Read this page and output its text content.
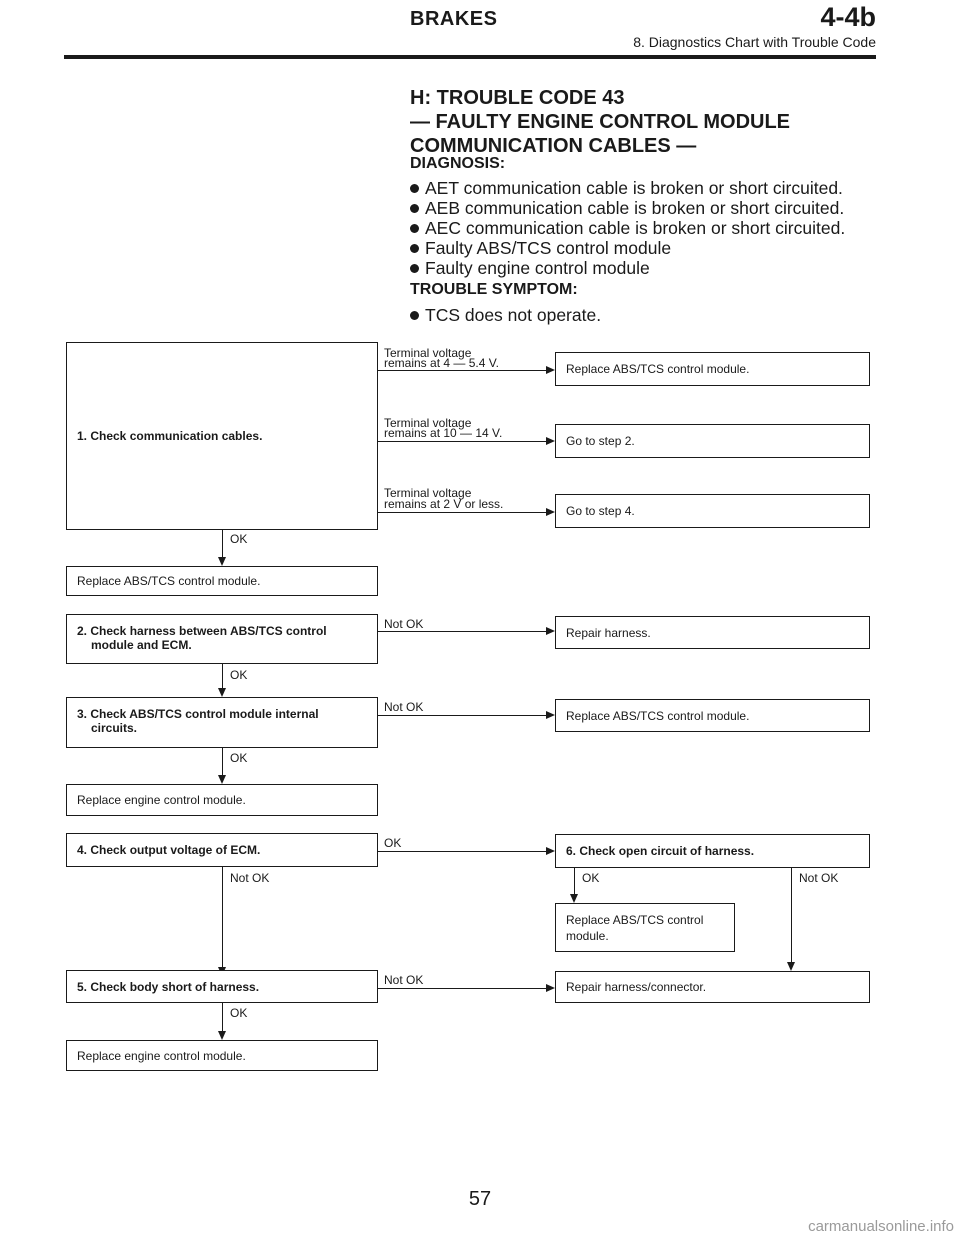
BRAKES	4-4b
8. Diagnostics Chart with Trouble Code
H: TROUBLE CODE 43
— FAULTY ENGINE CONTROL MODULE
COMMUNICATION CABLES —
DIAGNOSIS:
AET communication cable is broken or short circuited.
AEB communication cable is broken or short circuited.
AEC communication cable is broken or short circuited.
Faulty ABS/TCS control module
Faulty engine control module
TROUBLE SYMPTOM:
TCS does not operate.
1. Check communication cables.
Terminal voltage
remains at 4 — 5.4 V.	Replace ABS/TCS control module.
Terminal voltage
remains at 10 — 14 V.
Go to step 2.
Terminal voltage
remains at 2 V or less.	Go to step 4.
OK
Replace ABS/TCS control module.
2. Check harness between ABS/TCS control
module and ECM.
Not OK
Repair harness.
OK
3. Check ABS/TCS control module internal
circuits.
Not OK
Replace ABS/TCS control module.
OK
Replace engine control module.
4. Check output voltage of ECM.	OK
6. Check open circuit of harness.
Not OK	OK
Replace ABS/TCS control
module.
Not OK
5. Check body short of harness.	Not OK	Repair harness/connector.
OK
Replace engine control module.
57
carmanualsonline.info
